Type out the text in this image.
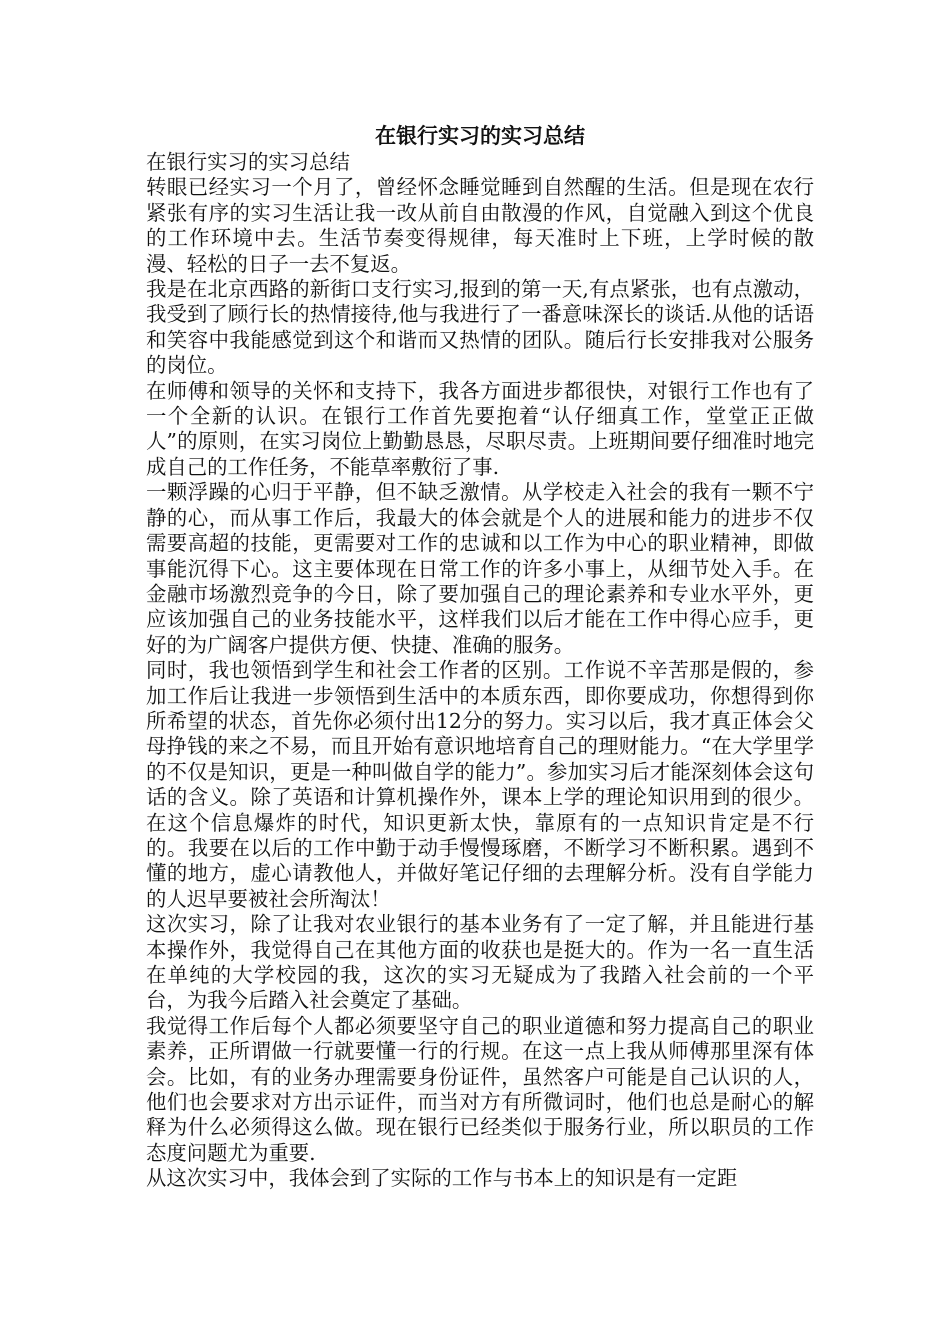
在银行实习的实习总结

在银行实习的实习总结

转眼已经实习一个月了，曾经怀念睡觉睡到自然醒的生活。但是现在农行紧张有序的实习生活让我一改从前自由散漫的作风，自觉融入到这个优良的工作环境中去。生活节奏变得规律，每天准时上下班，上学时候的散漫、轻松的日子一去不复返。

我是在北京西路的新街口支行实习,报到的第一天,有点紧张，也有点激动，我受到了顾行长的热情接待,他与我进行了一番意味深长的谈话.从他的话语和笑容中我能感觉到这个和谐而又热情的团队。随后行长安排我对公服务的岗位。

在师傅和领导的关怀和支持下，我各方面进步都很快，对银行工作也有了一个全新的认识。在银行工作首先要抱着“认仔细真工作，堂堂正正做人”的原则，在实习岗位上勤勤恳恳，尽职尽责。上班期间要仔细准时地完成自己的工作任务，不能草率敷衍了事.

一颗浮躁的心归于平静，但不缺乏激情。从学校走入社会的我有一颗不宁静的心，而从事工作后，我最大的体会就是个人的进展和能力的进步不仅需要高超的技能，更需要对工作的忠诚和以工作为中心的职业精神，即做事能沉得下心。这主要体现在日常工作的许多小事上，从细节处入手。在金融市场激烈竞争的今日，除了要加强自己的理论素养和专业水平外，更应该加强自己的业务技能水平，这样我们以后才能在工作中得心应手，更好的为广阔客户提供方便、快捷、准确的服务。

同时，我也领悟到学生和社会工作者的区别。工作说不辛苦那是假的，参加工作后让我进一步领悟到生活中的本质东西，即你要成功，你想得到你所希望的状态，首先你必须付出12分的努力。实习以后，我才真正体会父母挣钱的来之不易，而且开始有意识地培育自己的理财能力。“在大学里学的不仅是知识，更是一种叫做自学的能力”。参加实习后才能深刻体会这句话的含义。除了英语和计算机操作外，课本上学的理论知识用到的很少。在这个信息爆炸的时代，知识更新太快，靠原有的一点知识肯定是不行的。我要在以后的工作中勤于动手慢慢琢磨，不断学习不断积累。遇到不懂的地方，虚心请教他人，并做好笔记仔细的去理解分析。没有自学能力的人迟早要被社会所淘汰！

这次实习，除了让我对农业银行的基本业务有了一定了解，并且能进行基本操作外，我觉得自己在其他方面的收获也是挺大的。作为一名一直生活在单纯的大学校园的我，这次的实习无疑成为了我踏入社会前的一个平台，为我今后踏入社会奠定了基础。

我觉得工作后每个人都必须要坚守自己的职业道德和努力提高自己的职业素养，正所谓做一行就要懂一行的行规。在这一点上我从师傅那里深有体会。比如，有的业务办理需要身份证件，虽然客户可能是自己认识的人，他们也会要求对方出示证件，而当对方有所微词时，他们也总是耐心的解释为什么必须得这么做。现在银行已经类似于服务行业，所以职员的工作态度问题尤为重要.

从这次实习中，我体会到了实际的工作与书本上的知识是有一定距
